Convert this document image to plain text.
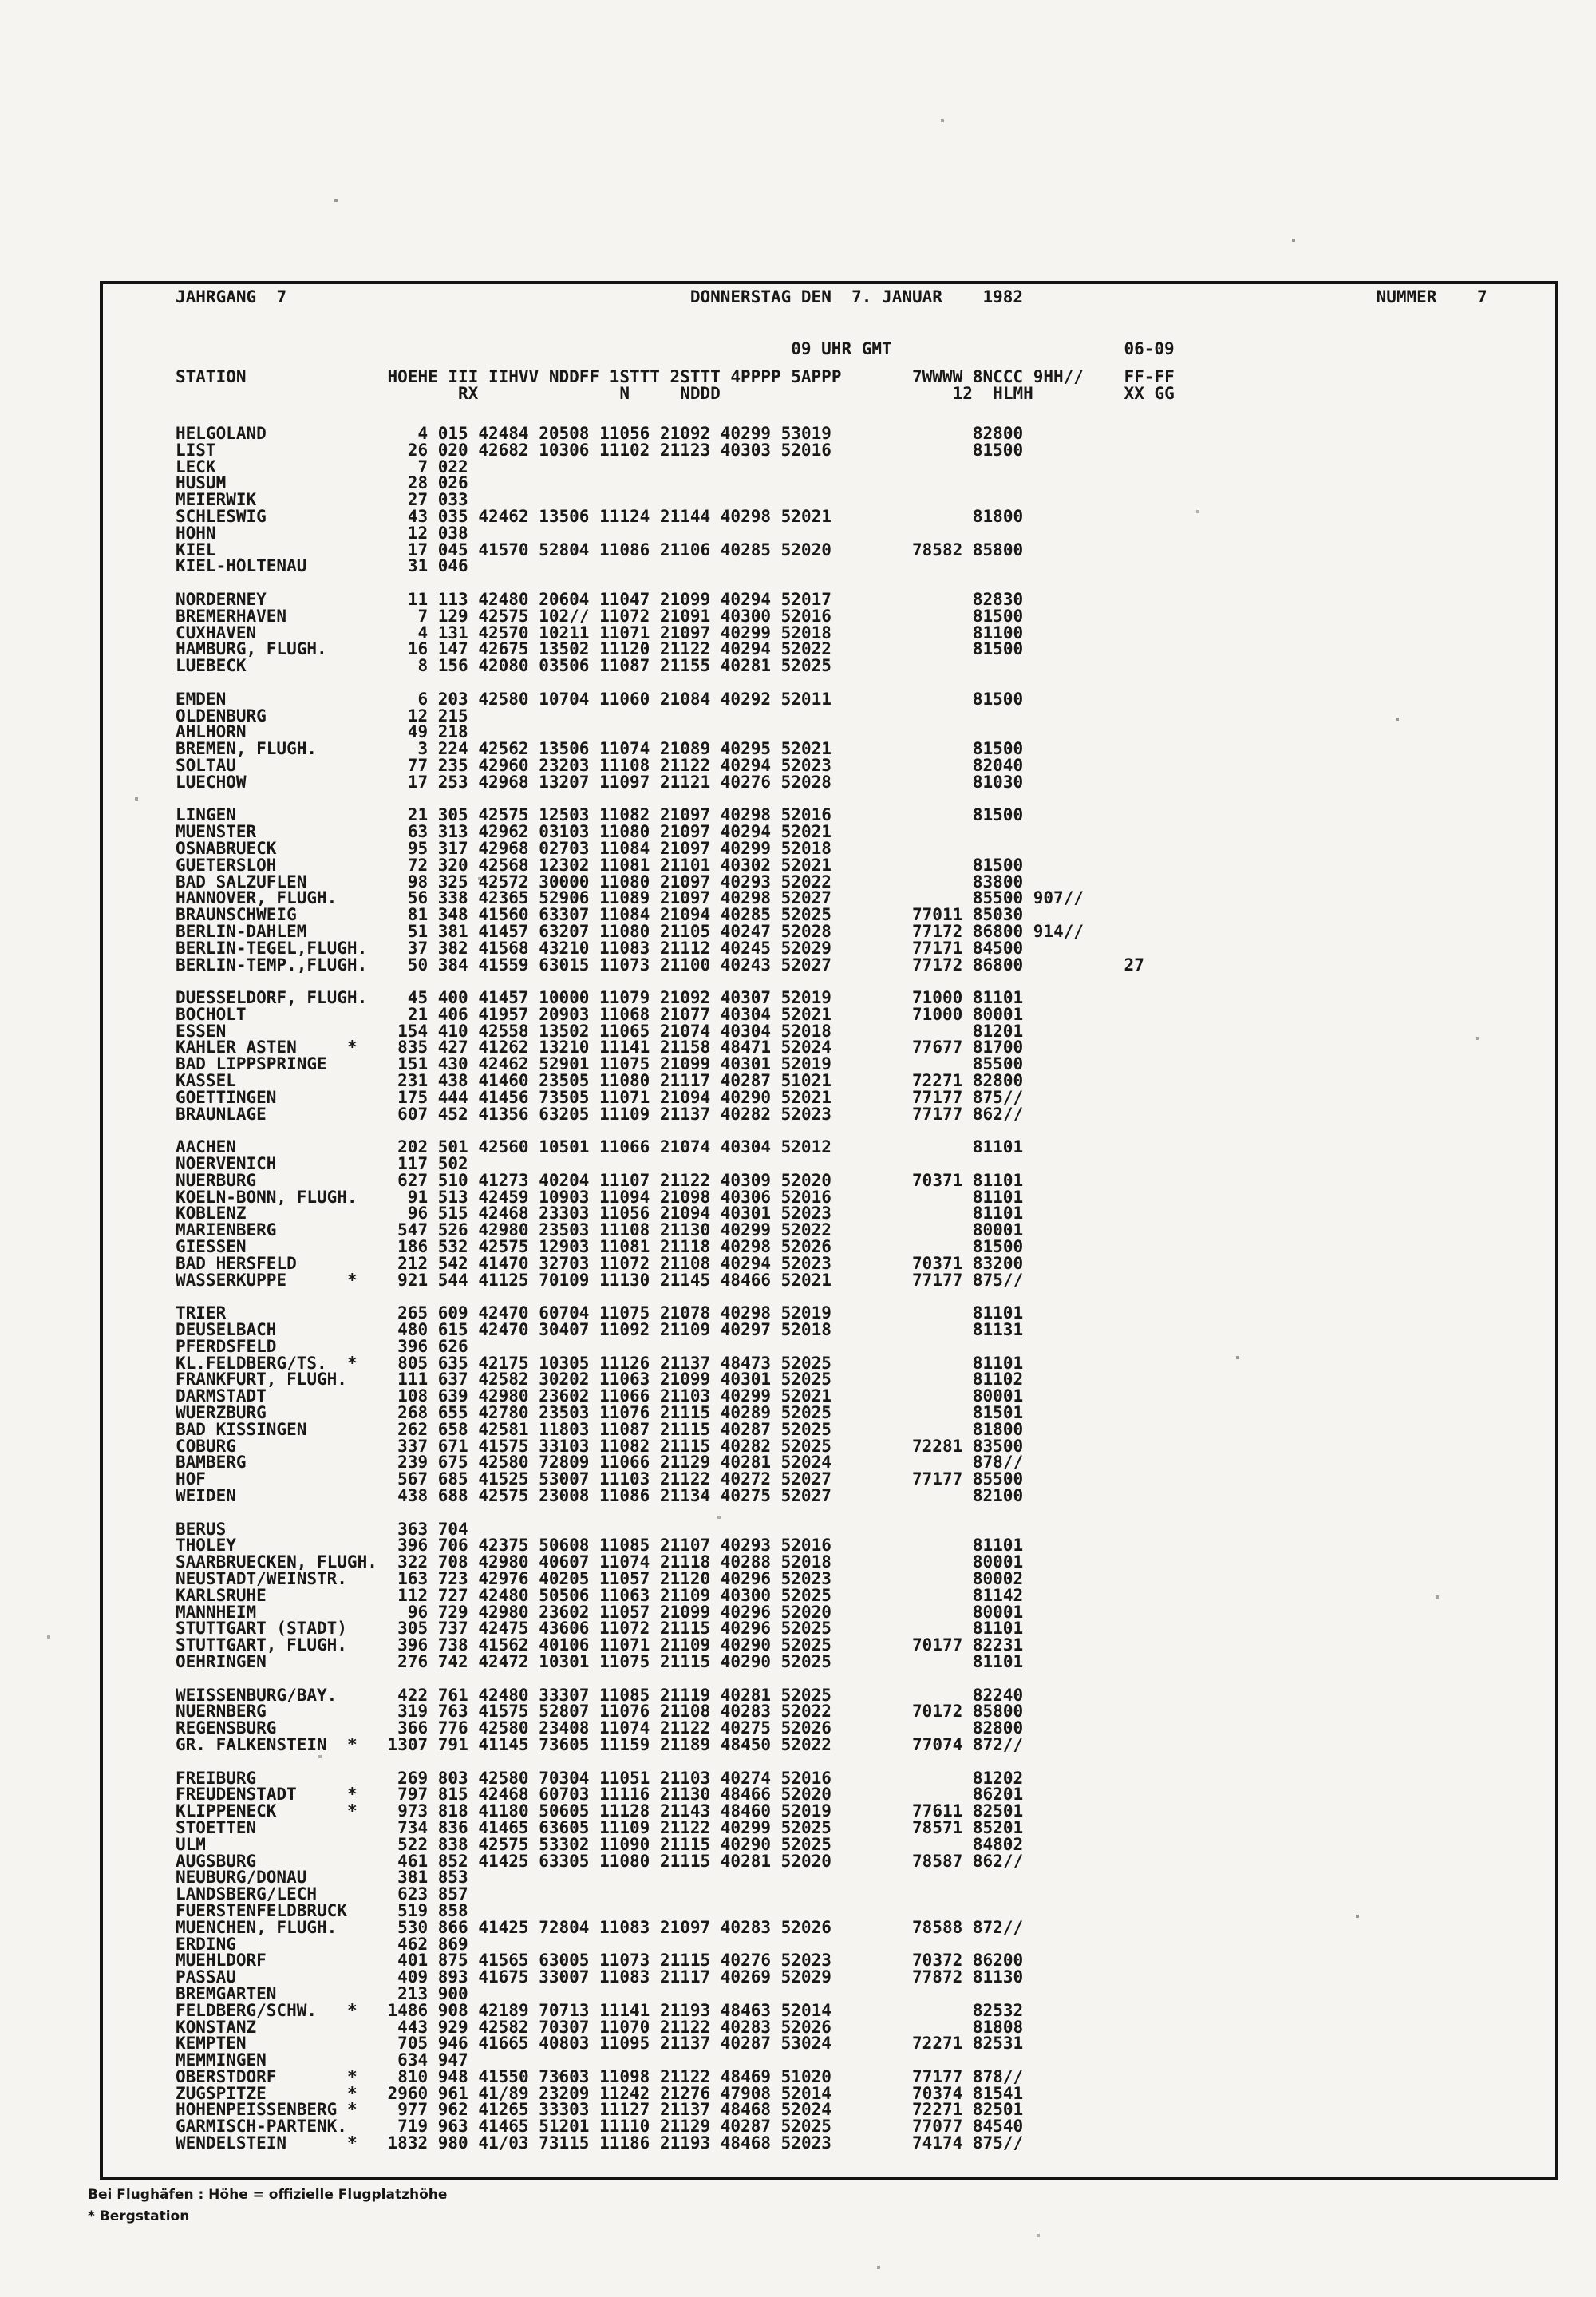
JAHRGANG 7	DONNERSTAG DEN  7. JANUAR 1982	NUMMER 7
09 UHR GMT	06-09
STATION	HOEHE III IIHVV NDDFF 1STTT 2STTT 4PPPP 5APPP	7WWWW 8NCCC 9HH// FF-FF
RX	N	NDDD	12 HLMH	XX GG
HELGOLAND	4 015 42484 20508 11056 21092 40299 53019	82800
LIST	26 020 42682 10306 11102 21123 40303 52016	81500
LECK	7 022
HUSUM	28 026
MEIERWIK	27 033
SCHLESWIG	43 035 42462 13506 11124 21144 40298 52021	81800
HOHN	12 038
KIEL	17 045 41570 52804 11086 21106 40285 52020	78582 85800
KIEL-HOLTENAU	31 046

NORDERNEY	11 113 42480 20604 11047 21099 40294 52017	82830
BREMERHAVEN	7 129 42575 102// 11072 21091 40300 52016	81500
CUXHAVEN	4 131 42570 10211 11071 21097 40299 52018	81100
HAMBURG, FLUGH.	16 147 42675 13502 11120 21122 40294 52022	81500
LUEBECK	8 156 42080 03506 11087 21155 40281 52025

EMDEN	6 203 42580 10704 11060 21084 40292 52011	81500
OLDENBURG	12 215
AHLHORN	49 218
BREMEN, FLUGH.	3 224 42562 13506 11074 21089 40295 52021	81500
SOLTAU	77 235 42960 23203 11108 21122 40294 52023	82040
LUECHOW	17 253 42968 13207 11097 21121 40276 52028	81030

LINGEN	21 305 42575 12503 11082 21097 40298 52016	81500
MUENSTER	63 313 42962 03103 11080 21097 40294 52021
OSNABRUECK	95 317 42968 02703 11084 21097 40299 52018
GUETERSLOH	72 320 42568 12302 11081 21101 40302 52021	81500
BAD SALZUFLEN	98 325 42572 30000 11080 21097 40293 52022	83800
HANNOVER, FLUGH.	56 338 42365 52906 11089 21097 40298 52027	85500 907//
BRAUNSCHWEIG	81 348 41560 63307 11084 21094 40285 52025	77011 85030
BERLIN-DAHLEM	51 381 41457 63207 11080 21105 40247 52028	77172 86800 914//
BERLIN-TEGEL,FLUGH. 37 382 41568 43210 11083 21112 40245 52029	77171 84500
BERLIN-TEMP.,FLUGH. 50 384 41559 63015 11073 21100 40243 52027	77172 86800	27

DUESSELDORF, FLUGH. 45 400 41457 10000 11079 21092 40307 52019	71000 81101
BOCHOLT	21 406 41957 20903 11068 21077 40304 52021	71000 80001
ESSEN	154 410 42558 13502 11065 21074 40304 52018	81201
KAHLER ASTEN	* 835 427 41262 13210 11141 21158 48471 52024	77677 81700
BAD LIPPSPRINGE	151 430 42462 52901 11075 21099 40301 52019	85500
KASSEL	231 438 41460 23505 11080 21117 40287 51021	72271 82800
GOETTINGEN	175 444 41456 73505 11071 21094 40290 52021	77177 875//
BRAUNLAGE	607 452 41356 63205 11109 21137 40282 52023	77177 862//

AACHEN	202 501 42560 10501 11066 21074 40304 52012	81101
NOERVENICH	117 502
NUERBURG	627 510 41273 40204 11107 21122 40309 52020	70371 81101
KOELN-BONN, FLUGH.	91 513 42459 10903 11094 21098 40306 52016	81101
KOBLENZ	96 515 42468 23303 11056 21094 40301 52023	81101
MARIENBERG	547 526 42980 23503 11108 21130 40299 52022	80001
GIESSEN	186 532 42575 12903 11081 21118 40298 52026	81500
BAD HERSFELD	212 542 41470 32703 11072 21108 40294 52023	70371 83200
WASSERKUPPE	* 921 544 41125 70109 11130 21145 48466 52021	77177 875//

TRIER	265 609 42470 60704 11075 21078 40298 52019	81101
DEUSELBACH	480 615 42470 30407 11092 21109 40297 52018	81131
PFERDSFELD	396 626
KL.FELDBERG/TS. * 805 635 42175 10305 11126 21137 48473 52025	81101
FRANKFURT, FLUGH.	111 637 42582 30202 11063 21099 40301 52025	81102
DARMSTADT	108 639 42980 23602 11066 21103 40299 52021	80001
WUERZBURG	268 655 42780 23503 11076 21115 40289 52025	81501
BAD KISSINGEN	262 658 42581 11803 11087 21115 40287 52025	81800
COBURG	337 671 41575 33103 11082 21115 40282 52025	72281 83500
BAMBERG	239 675 42580 72809 11066 21129 40281 52024	878//
HOF	567 685 41525 53007 11103 21122 40272 52027	77177 85500
WEIDEN	438 688 42575 23008 11086 21134 40275 52027	82100

BERUS	363 704
THOLEY	396 706 42375 50608 11085 21107 40293 52016	81101
SAARBRUECKEN, FLUGH. 322 708 42980 40607 11074 21118 40288 52018	80001
NEUSTADT/WEINSTR.	163 723 42976 40205 11057 21120 40296 52023	80002
KARLSRUHE	112 727 42480 50506 11063 21109 40300 52025	81142
MANNHEIM	96 729 42980 23602 11057 21099 40296 52020	80001
STUTTGART (STADT)	305 737 42475 43606 11072 21115 40296 52025	81101
STUTTGART, FLUGH.	396 738 41562 40106 11071 21109 40290 52025	70177 82231
OEHRINGEN	276 742 42472 10301 11075 21115 40290 52025	81101

WEISSENBURG/BAY.	422 761 42480 33307 11085 21119 40281 52025	82240
NUERNBERG	319 763 41575 52807 11076 21108 40283 52022	70172 85800
REGENSBURG	366 776 42580 23408 11074 21122 40275 52026	82800
GR. FALKENSTEIN * 1307 791 41145 73605 11159 21189 48450 52022	77074 872//

FREIBURG	269 803 42580 70304 11051 21103 40274 52016	81202
FREUDENSTADT	* 797 815 42468 60703 11116 21130 48466 52020	86201
KLIPPENECK	* 973 818 41180 50605 11128 21143 48460 52019	77611 82501
STOETTEN	734 836 41465 63605 11109 21122 40299 52025	78571 85201
ULM	522 838 42575 53302 11090 21115 40290 52025	84802
AUGSBURG	461 852 41425 63305 11080 21115 40281 52020	78587 862//
NEUBURG/DONAU	381 853
LANDSBERG/LECH	623 857
FUERSTENFELDBRUCK	519 858
MUENCHEN, FLUGH.	530 866 41425 72804 11083 21097 40283 52026	78588 872//
ERDING	462 869
MUEHLDORF	401 875 41565 63005 11073 21115 40276 52023	70372 86200
PASSAU	409 893 41675 33007 11083 21117 40269 52029	77872 81130
BREMGARTEN	213 900
FELDBERG/SCHW. * 1486 908 42189 70713 11141 21193 48463 52014	82532
KONSTANZ	443 929 42582 70307 11070 21122 40283 52026	81808
KEMPTEN	705 946 41665 40803 11095 21137 40287 53024	72271 82531
MEMMINGEN	634 947
OBERSTDORF	* 810 948 41550 73603 11098 21122 48469 51020	77177 878//
ZUGSPITZE	* 2960 961 41/89 23209 11242 21276 47908 52014	70374 81541
HOHENPEISSENBERG * 977 962 41265 33303 11127 21137 48468 52024	72271 82501
GARMISCH-PARTENK.	719 963 41465 51201 11110 21129 40287 52025	77077 84540
WENDELSTEIN	* 1832 980 41/03 73115 11186 21193 48468 52023	74174 875//
Bei Flughäfen : Höhe = offizielle Flugplatzhöhe
* Bergstation
